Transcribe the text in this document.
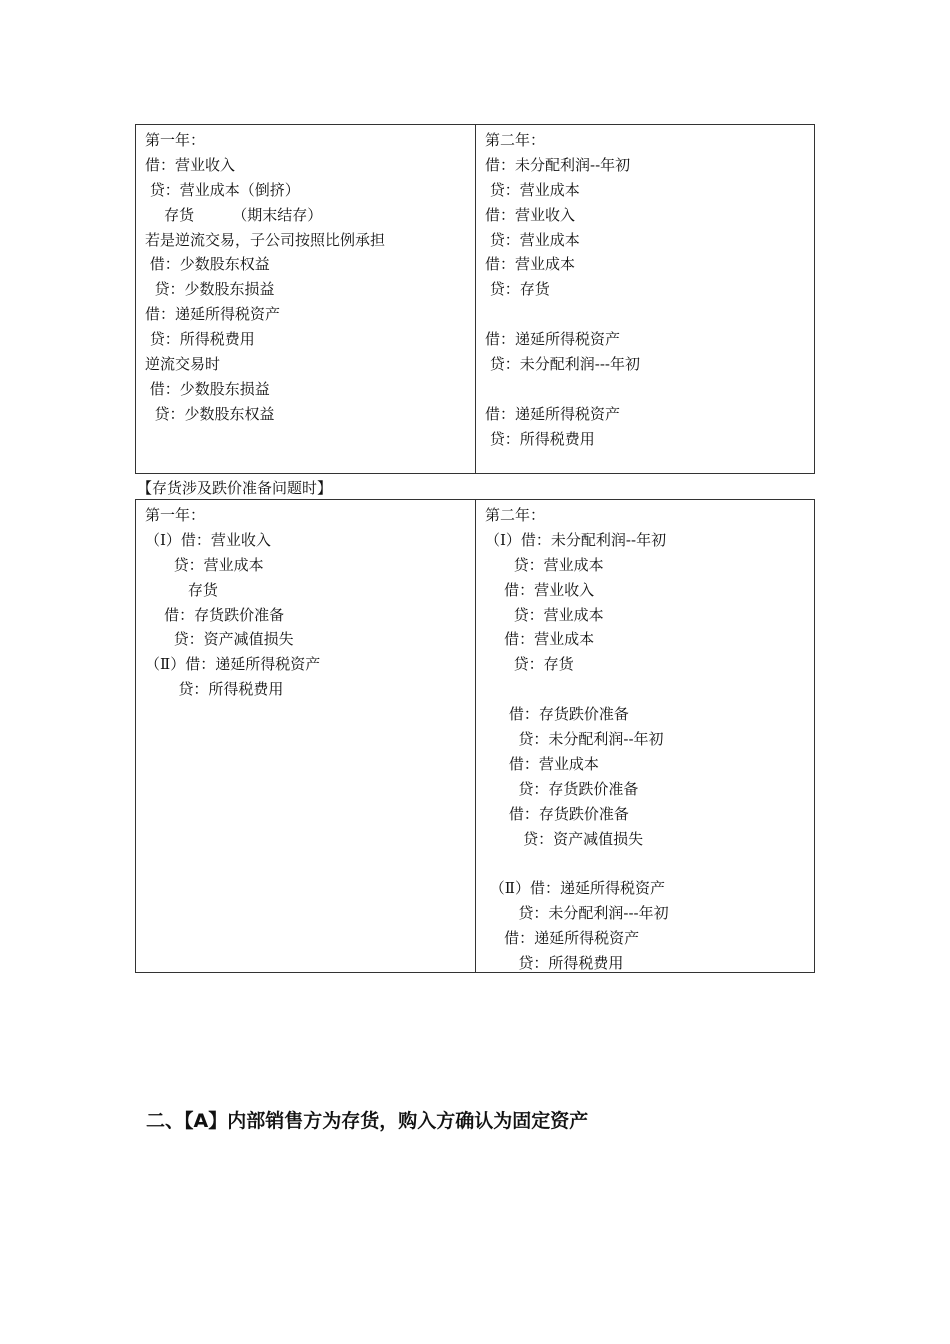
第一年：
借：营业收入
贷：营业成本（倒挤）
存货        （期末结存）
若是逆流交易，子公司按照比例承担
借：少数股东权益
贷：少数股东损益
借：递延所得税资产
贷：所得税费用
逆流交易时
借：少数股东损益
贷：少数股东权益
第二年：
借：未分配利润--年初
贷：营业成本
借：营业收入
贷：营业成本
借：营业成本
贷：存货
借：递延所得税资产
贷：未分配利润---年初
借：递延所得税资产
贷：所得税费用
【存货涉及跌价准备问题时】
第一年：
（Ⅰ）借：营业收入
贷：营业成本
存货
借：存货跌价准备
贷：资产减值损失
（Ⅱ）借：递延所得税资产
贷：所得税费用
第二年：
（Ⅰ）借：未分配利润--年初
贷：营业成本
借：营业收入
贷：营业成本
借：营业成本
贷：存货
借：存货跌价准备
贷：未分配利润--年初
借：营业成本
贷：存货跌价准备
借：存货跌价准备
贷：资产减值损失
（Ⅱ）借：递延所得税资产
贷：未分配利润---年初
借：递延所得税资产
贷：所得税费用
二、【A】内部销售方为存货，购入方确认为固定资产
